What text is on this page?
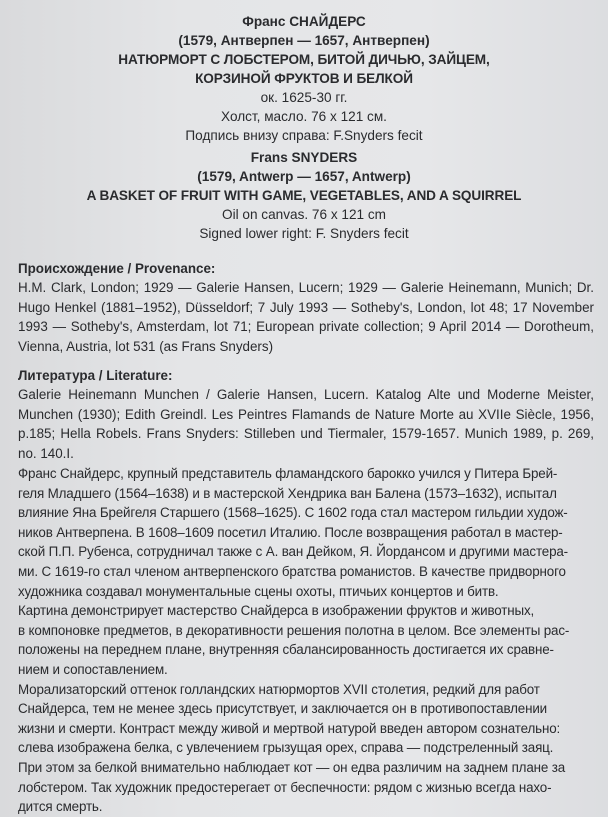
Франс СНАЙДЕРС
(1579, Антверпен — 1657, Антверпен)
НАТЮРМОРТ С ЛОБСТЕРОМ, БИТОЙ ДИЧЬЮ, ЗАЙЦЕМ,
КОРЗИНОЙ ФРУКТОВ И БЕЛКОЙ
ок. 1625-30 гг.
Холст, масло. 76 x 121 см.
Подпись внизу справа: F.Snyders fecit
Frans SNYDERS
(1579, Antwerp — 1657, Antwerp)
A BASKET OF FRUIT WITH GAME, VEGETABLES, AND A SQUIRREL
Oil on canvas. 76 x 121 cm
Signed lower right: F. Snyders fecit

Происхождение / Provenance:

H.M. Clark, London; 1929 — Galerie Hansen, Lucern; 1929 — Galerie Heinemann, Munich; Dr. Hugo Henkel (1881–1952), Düsseldorf; 7 July 1993 — Sotheby's, London, lot 48; 17 November 1993 — Sotheby's, Amsterdam, lot 71; European private collection; 9 April 2014 — Dorotheum, Vienna, Austria, lot 531 (as Frans Snyders)

Литература / Literature:

Galerie Heinemann Munchen / Galerie Hansen, Lucern. Katalog Alte und Moderne Meister, Munchen (1930); Edith Greindl. Les Peintres Flamands de Nature Morte au XVIIe Siècle, 1956, p.185; Hella Robels. Frans Snyders: Stilleben und Tiermaler, 1579-1657. Munich 1989, p. 269, no. 140.I.

Франс Снайдерс, крупный представитель фламандского барокко учился у Питера Брей-
геля Младшего (1564–1638) и в мастерской Хендрика ван Балена (1573–1632), испытал
влияние Яна Брейгеля Старшего (1568–1625). С 1602 года стал мастером гильдии худож-
ников Антверпена. В 1608–1609 посетил Италию. После возвращения работал в мастер-
ской П.П. Рубенса, сотрудничал также с А. ван Дейком, Я. Йордансом и другими мастера-
ми. С 1619-го стал членом антверпенского братства романистов. В качестве придворного
художника создавал монументальные сцены охоты, птичьих концертов и битв.
Картина демонстрирует мастерство Снайдерса в изображении фруктов и животных,
в компоновке предметов, в декоративности решения полотна в целом. Все элементы рас-
положены на переднем плане, внутренняя сбалансированность достигается их сравне-
нием и сопоставлением.
Морализаторский оттенок голландских натюрмортов XVII столетия, редкий для работ
Снайдерса, тем не менее здесь присутствует, и заключается он в противопоставлении
жизни и смерти. Контраст между живой и мертвой натурой введен автором сознательно:
слева изображена белка, с увлечением грызущая орех, справа — подстреленный заяц.
При этом за белкой внимательно наблюдает кот — он едва различим на заднем плане за
лобстером. Так художник предостерегает от беспечности: рядом с жизнью всегда нахо-
дится смерть.
